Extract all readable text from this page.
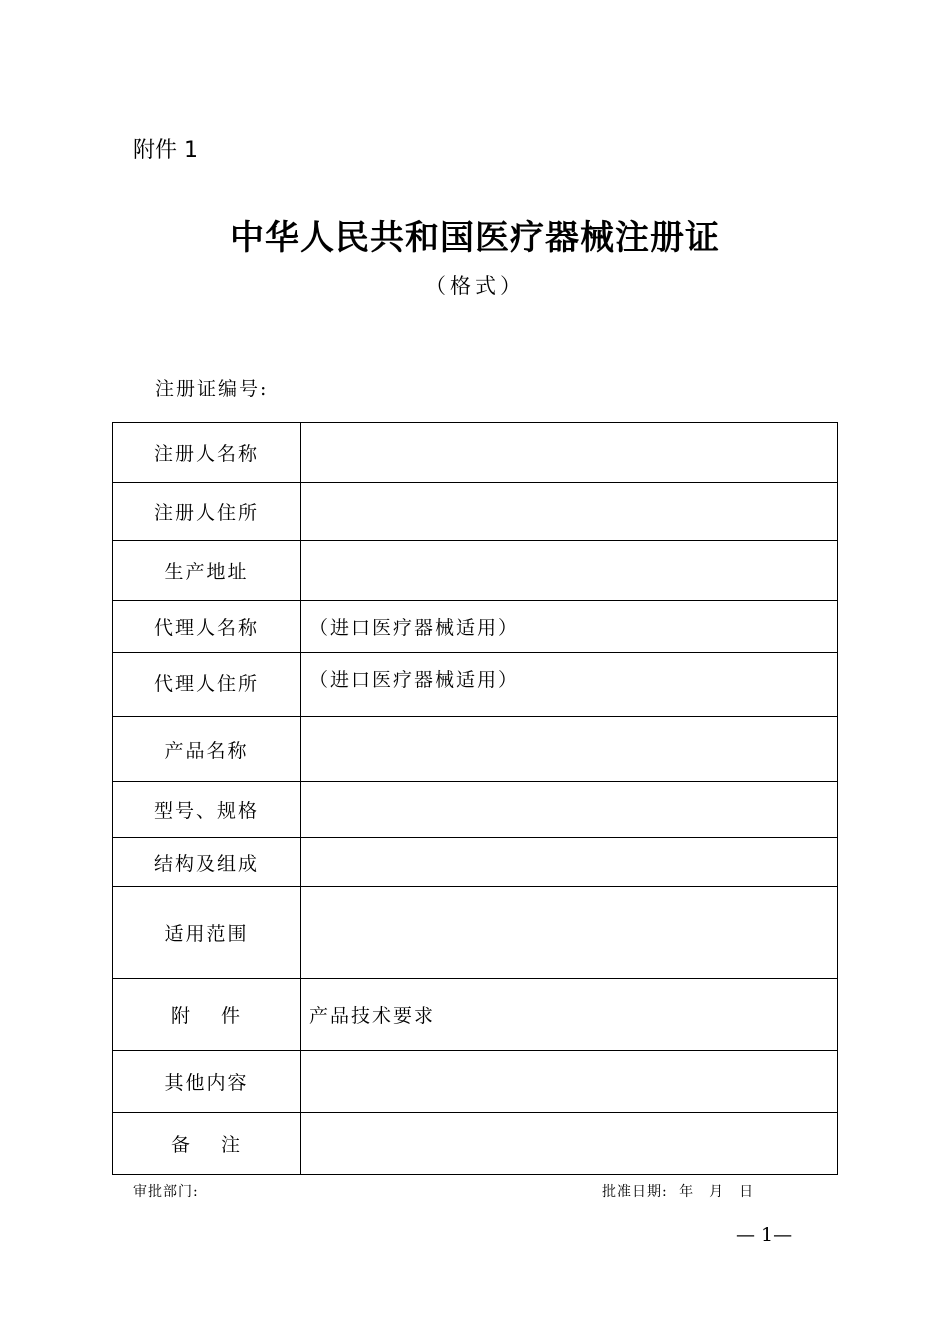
附件 1
中华人民共和国医疗器械注册证
（格式）
注册证编号:
注册人名称	
注册人住所	
生产地址	
代理人名称	（进口医疗器械适用）
代理人住所	（进口医疗器械适用）
产品名称	
型号、规格	
结构及组成	
适用范围	
附　 件	产品技术要求
其他内容	
备　 注	
审批部门:	批准日期: 年　月　日
— 1—
